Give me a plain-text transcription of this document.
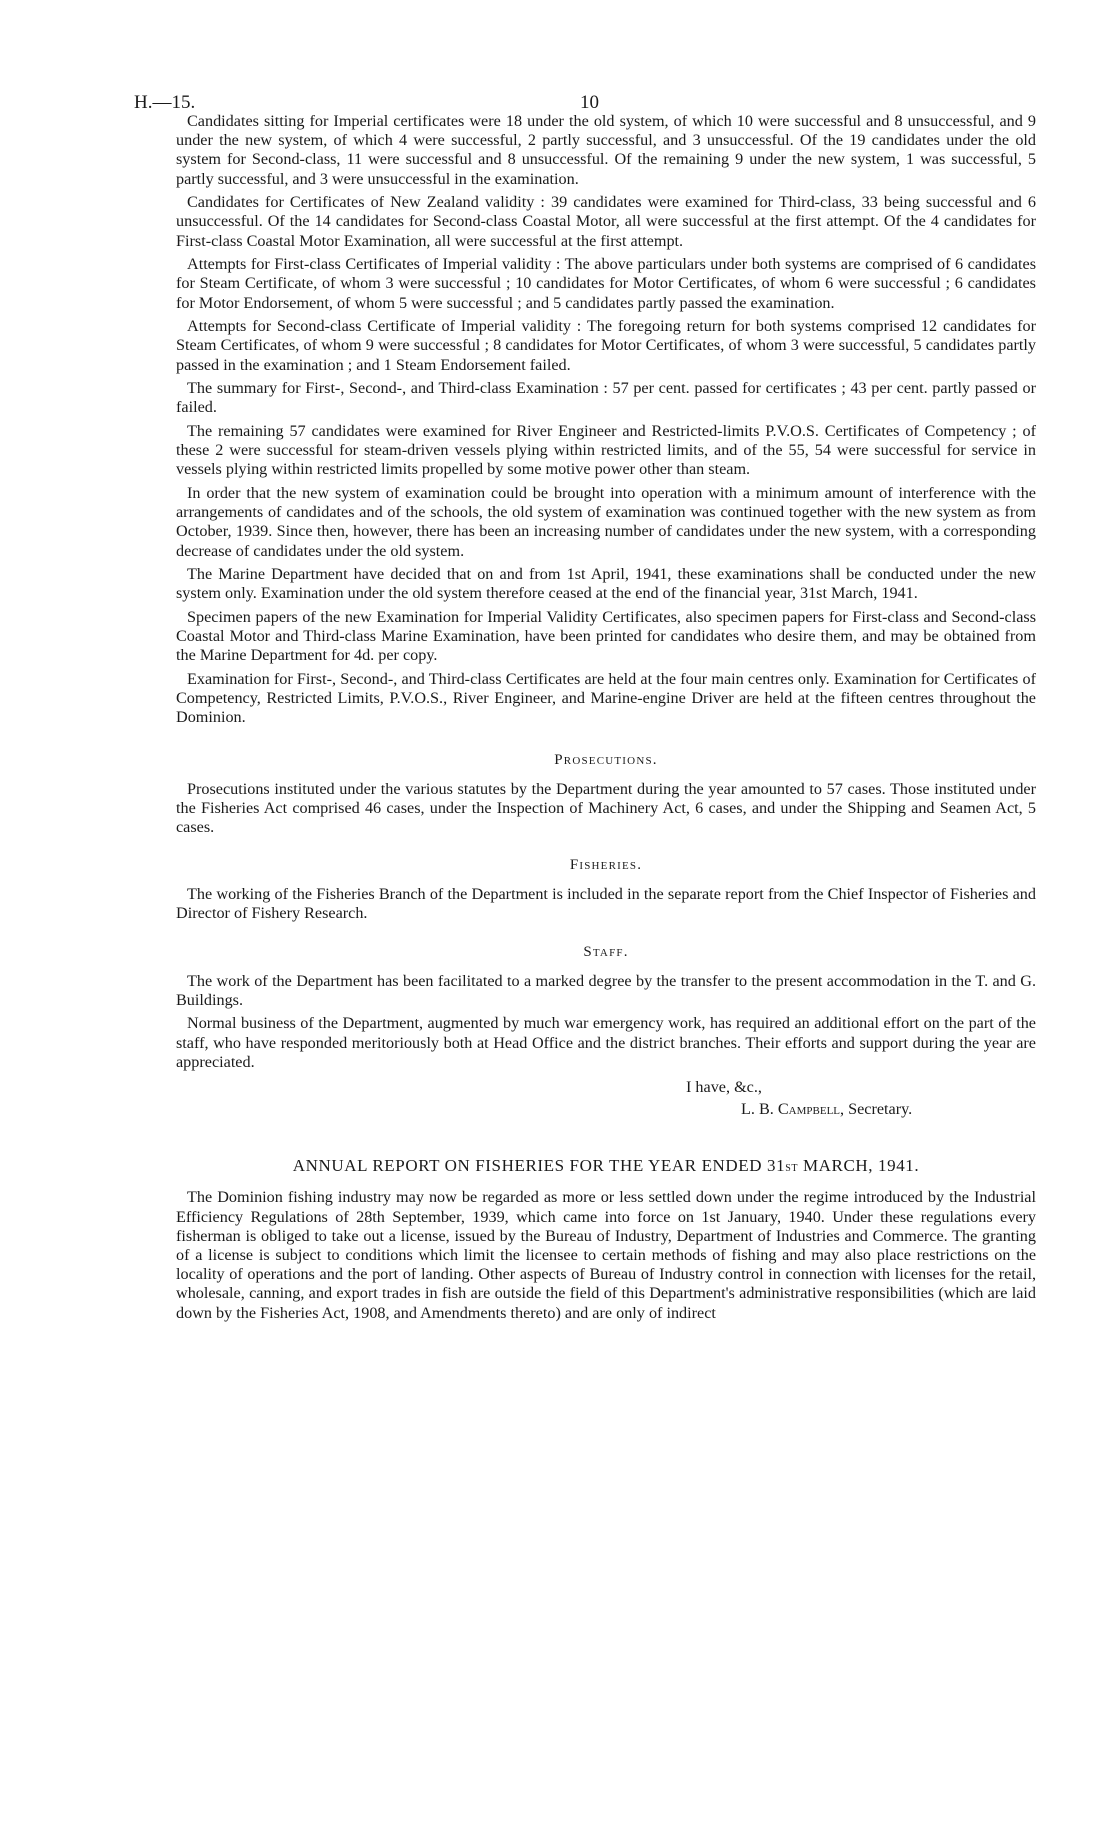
H.—15.	10

Candidates sitting for Imperial certificates were 18 under the old system, of which 10 were successful and 8 unsuccessful, and 9 under the new system, of which 4 were successful, 2 partly successful, and 3 unsuccessful. Of the 19 candidates under the old system for Second-class, 11 were successful and 8 unsuccessful. Of the remaining 9 under the new system, 1 was successful, 5 partly successful, and 3 were unsuccessful in the examination.

Candidates for Certificates of New Zealand validity : 39 candidates were examined for Third-class, 33 being successful and 6 unsuccessful. Of the 14 candidates for Second-class Coastal Motor, all were successful at the first attempt. Of the 4 candidates for First-class Coastal Motor Examination, all were successful at the first attempt.

Attempts for First-class Certificates of Imperial validity : The above particulars under both systems are comprised of 6 candidates for Steam Certificate, of whom 3 were successful ; 10 candidates for Motor Certificates, of whom 6 were successful ; 6 candidates for Motor Endorsement, of whom 5 were successful ; and 5 candidates partly passed the examination.

Attempts for Second-class Certificate of Imperial validity : The foregoing return for both systems comprised 12 candidates for Steam Certificates, of whom 9 were successful ; 8 candidates for Motor Certificates, of whom 3 were successful, 5 candidates partly passed in the examination ; and 1 Steam Endorsement failed.

The summary for First-, Second-, and Third-class Examination : 57 per cent. passed for certificates ; 43 per cent. partly passed or failed.

The remaining 57 candidates were examined for River Engineer and Restricted-limits P.V.O.S. Certificates of Competency ; of these 2 were successful for steam-driven vessels plying within restricted limits, and of the 55, 54 were successful for service in vessels plying within restricted limits propelled by some motive power other than steam.

In order that the new system of examination could be brought into operation with a minimum amount of interference with the arrangements of candidates and of the schools, the old system of examination was continued together with the new system as from October, 1939. Since then, however, there has been an increasing number of candidates under the new system, with a corresponding decrease of candidates under the old system.

The Marine Department have decided that on and from 1st April, 1941, these examinations shall be conducted under the new system only. Examination under the old system therefore ceased at the end of the financial year, 31st March, 1941.

Specimen papers of the new Examination for Imperial Validity Certificates, also specimen papers for First-class and Second-class Coastal Motor and Third-class Marine Examination, have been printed for candidates who desire them, and may be obtained from the Marine Department for 4d. per copy.

Examination for First-, Second-, and Third-class Certificates are held at the four main centres only. Examination for Certificates of Competency, Restricted Limits, P.V.O.S., River Engineer, and Marine-engine Driver are held at the fifteen centres throughout the Dominion.

Prosecutions.

Prosecutions instituted under the various statutes by the Department during the year amounted to 57 cases. Those instituted under the Fisheries Act comprised 46 cases, under the Inspection of Machinery Act, 6 cases, and under the Shipping and Seamen Act, 5 cases.

Fisheries.

The working of the Fisheries Branch of the Department is included in the separate report from the Chief Inspector of Fisheries and Director of Fishery Research.

Staff.

The work of the Department has been facilitated to a marked degree by the transfer to the present accommodation in the T. and G. Buildings.

Normal business of the Department, augmented by much war emergency work, has required an additional effort on the part of the staff, who have responded meritoriously both at Head Office and the district branches. Their efforts and support during the year are appreciated.

I have, &c.,
L. B. Campbell, Secretary.
ANNUAL REPORT ON FISHERIES FOR THE YEAR ENDED 31st MARCH, 1941.

The Dominion fishing industry may now be regarded as more or less settled down under the regime introduced by the Industrial Efficiency Regulations of 28th September, 1939, which came into force on 1st January, 1940. Under these regulations every fisherman is obliged to take out a license, issued by the Bureau of Industry, Department of Industries and Commerce. The granting of a license is subject to conditions which limit the licensee to certain methods of fishing and may also place restrictions on the locality of operations and the port of landing. Other aspects of Bureau of Industry control in connection with licenses for the retail, wholesale, canning, and export trades in fish are outside the field of this Department's administrative responsibilities (which are laid down by the Fisheries Act, 1908, and Amendments thereto) and are only of indirect
